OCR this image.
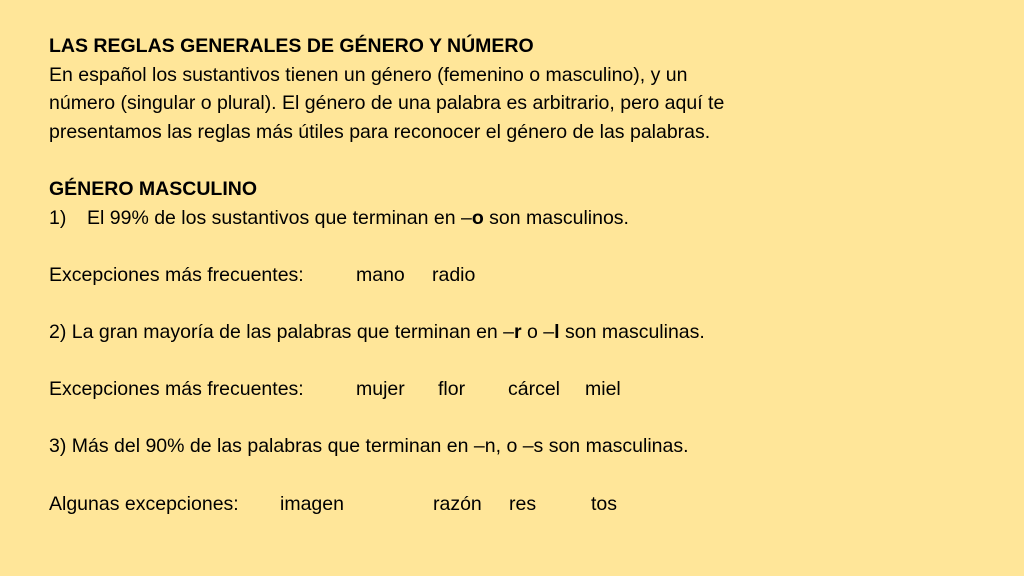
LAS REGLAS GENERALES DE GÉNERO Y NÚMERO
En español los sustantivos tienen un género (femenino o masculino), y un
número (singular o plural). El género de una palabra es arbitrario, pero aquí te
presentamos las reglas más útiles para reconocer el género de las palabras.
GÉNERO MASCULINO
1)	El 99% de los sustantivos que terminan en –o son masculinos.
Excepciones más frecuentes:	mano radio
2) La gran mayoría de las palabras que terminan en –r o –l son masculinas.
Excepciones más frecuentes:	mujer flor cárcel miel
3) Más del 90% de las palabras que terminan en –n, o –s son masculinas.
Algunas excepciones: imagen	razón res	tos
